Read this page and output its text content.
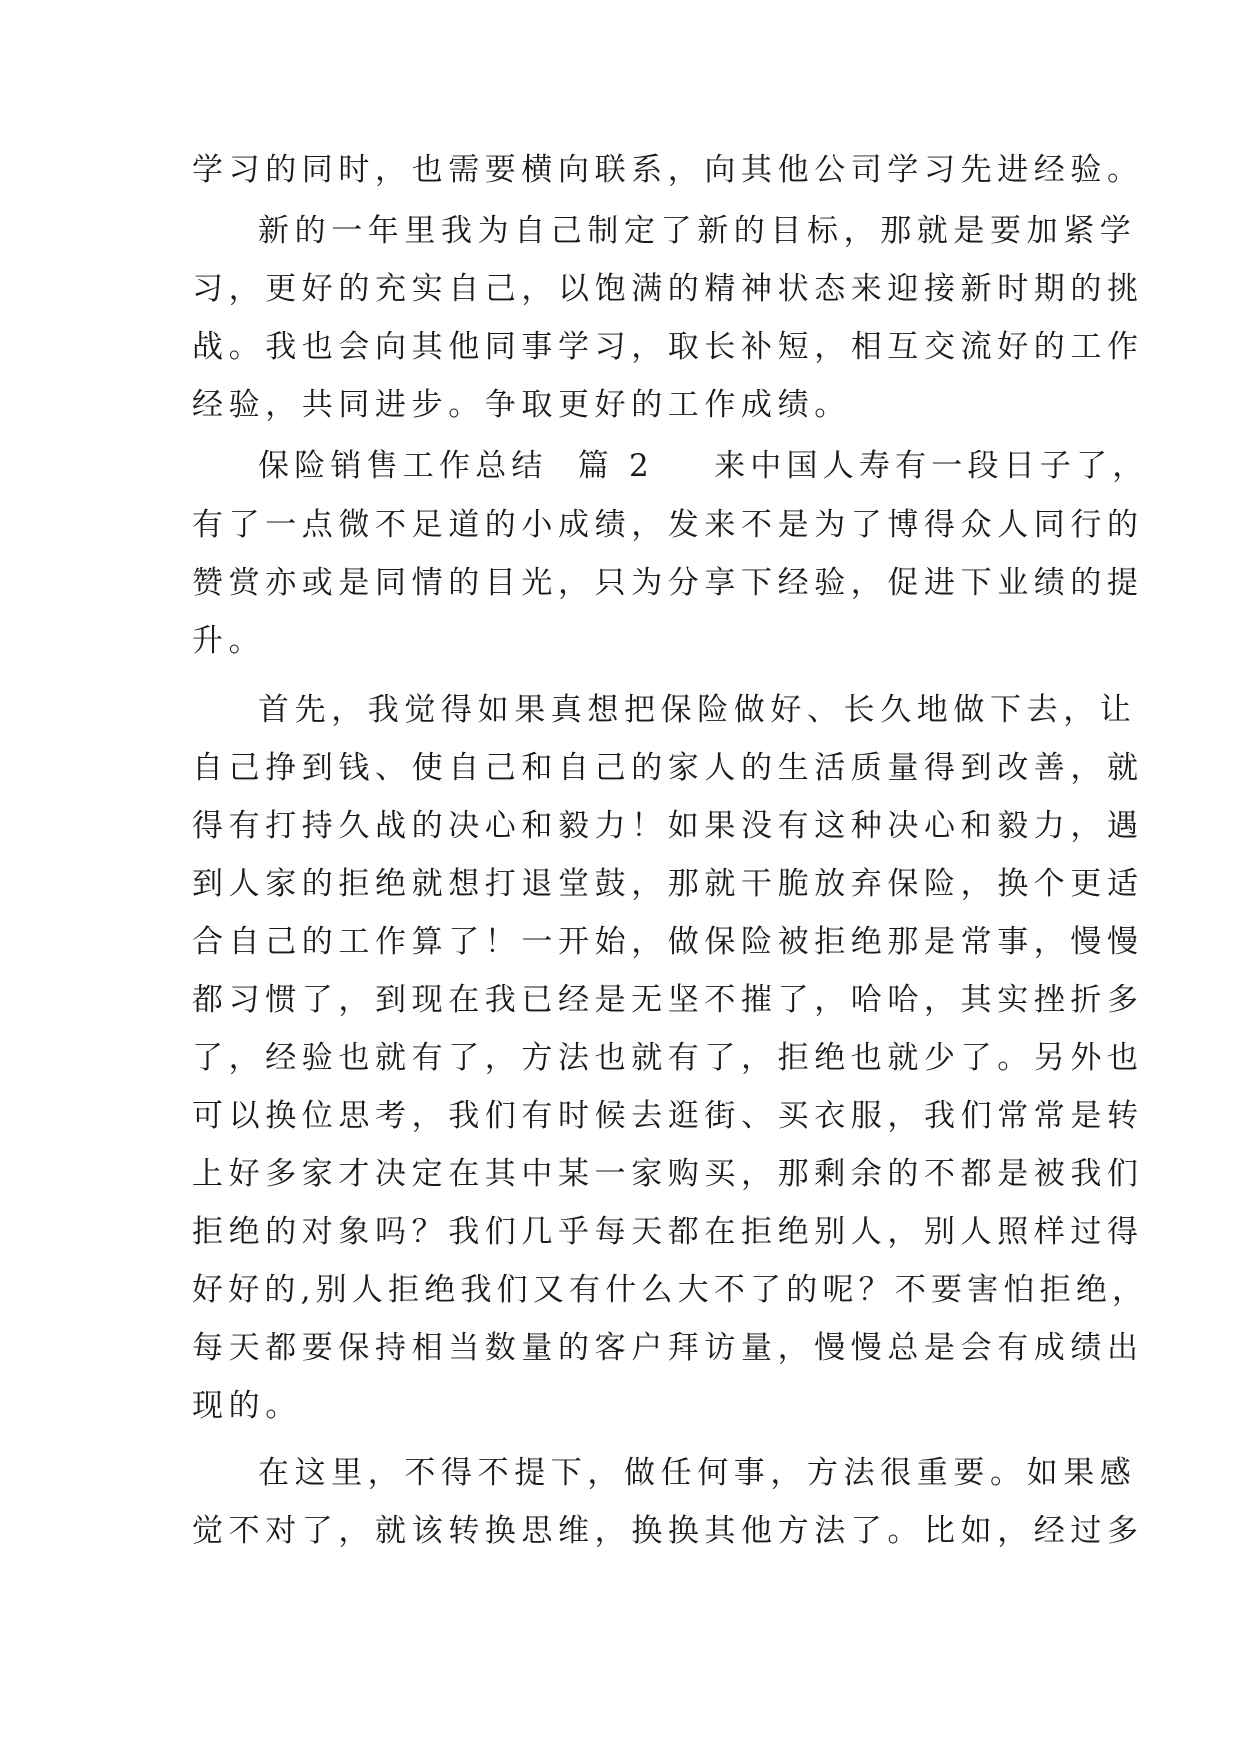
学习的同时，也需要横向联系，向其他公司学习先进经验。

新的一年里我为自己制定了新的目标，那就是要加紧学

习，更好的充实自己，以饱满的精神状态来迎接新时期的挑

战。我也会向其他同事学习，取长补短，相互交流好的工作

经验，共同进步。争取更好的工作成绩。

保险销售工作总结  篇 2    来中国人寿有一段日子了，

有了一点微不足道的小成绩，发来不是为了博得众人同行的

赞赏亦或是同情的目光，只为分享下经验，促进下业绩的提

升。

首先，我觉得如果真想把保险做好、长久地做下去，让

自己挣到钱、使自己和自己的家人的生活质量得到改善，就

得有打持久战的决心和毅力！如果没有这种决心和毅力，遇

到人家的拒绝就想打退堂鼓，那就干脆放弃保险，换个更适

合自己的工作算了！一开始，做保险被拒绝那是常事，慢慢

都习惯了，到现在我已经是无坚不摧了，哈哈，其实挫折多

了，经验也就有了，方法也就有了，拒绝也就少了。另外也

可以换位思考，我们有时候去逛街、买衣服，我们常常是转

上好多家才决定在其中某一家购买，那剩余的不都是被我们

拒绝的对象吗？我们几乎每天都在拒绝别人，别人照样过得

好好的,别人拒绝我们又有什么大不了的呢？不要害怕拒绝，

每天都要保持相当数量的客户拜访量，慢慢总是会有成绩出

现的。

在这里，不得不提下，做任何事，方法很重要。如果感

觉不对了，就该转换思维，换换其他方法了。比如，经过多
